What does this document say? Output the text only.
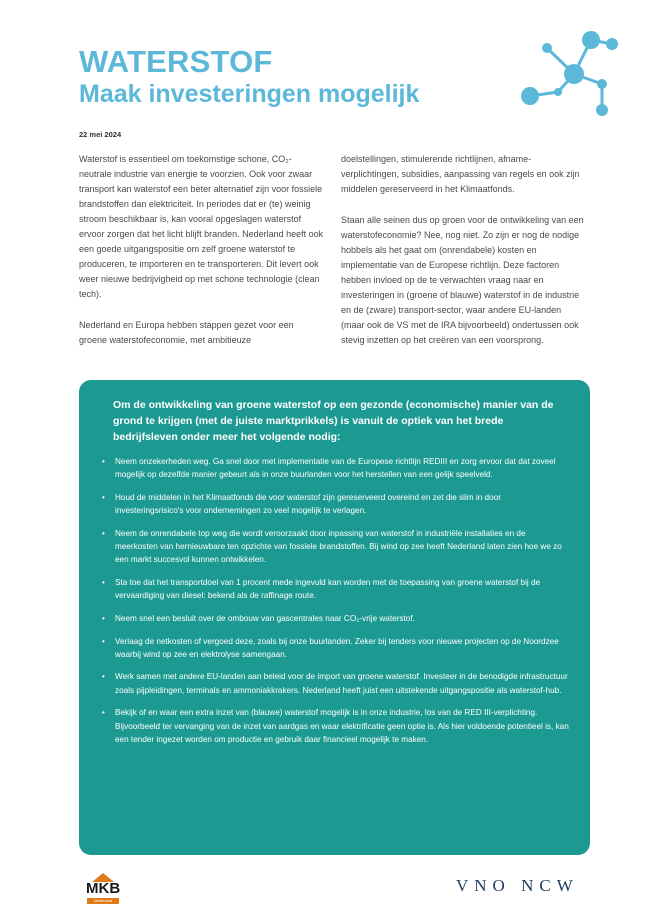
WATERSTOF
Maak investeringen mogelijk
22 mei 2024

Waterstof is essentieel om toekomstige schone, CO₂-neutrale industrie van energie te voorzien. Ook voor zwaar transport kan waterstof een beter alternatief zijn voor fossiele brandstoffen dan elektriciteit. In periodes dat er (te) weinig stroom beschikbaar is, kan vooral opgeslagen waterstof ervoor zorgen dat het licht blijft branden. Nederland heeft ook een goede uitgangspositie om zelf groene waterstof te produceren, te importeren en te transporteren. Dit levert ook weer nieuwe bedrijvigheid op met schone technologie (clean tech).

Nederland en Europa hebben stappen gezet voor een groene waterstofeconomie, met ambitieuze

doelstellingen, stimulerende richtlijnen, afname-verplichtingen, subsidies, aanpassing van regels en ook zijn middelen gereserveerd in het Klimaatfonds.

Staan alle seinen dus op groen voor de ontwikkeling van een waterstofeconomie? Nee, nog niet. Zo zijn er nog de nodige hobbels als het gaat om (onrendabele) kosten en implementatie van de Europese richtlijn. Deze factoren hebben invloed op de te verwachten vraag naar en investeringen in (groene of blauwe) waterstof in de industrie en de (zware) transport-sector, waar andere EU-landen (maar ook de VS met de IRA bijvoorbeeld) ondertussen ook stevig inzetten op het creëren van een voorsprong.

Om de ontwikkeling van groene waterstof op een gezonde (economische) manier van de grond te krijgen (met de juiste marktprikkels) is vanuit de optiek van het brede bedrijfsleven onder meer het volgende nodig:

• Neem onzekerheden weg. Ga snel door met implementatie van de Europese richtlijn REDIII en zorg ervoor dat dat zoveel mogelijk op dezelfde manier gebeurt als in onze buurlanden voor het herstellen van een gelijk speelveld.
• Houd de middelen in het Klimaatfonds die voor waterstof zijn gereserveerd overeind en zet die slim in door investeringsrisico's voor ondernemingen zo veel mogelijk te verlagen.
• Neem de onrendabele top weg die wordt veroorzaakt door inpassing van waterstof in industriële installaties en de meerkosten van hernieuwbare ten opzichte van fossiele brandstoffen. Bij wind op zee heeft Nederland laten zien hoe we zo een markt succesvol kunnen ontwikkelen.
• Sta toe dat het transportdoel van 1 procent mede ingevuld kan worden met de toepassing van groene waterstof bij de vervaardiging van diesel: bekend als de raffinage route.
• Neem snel een besluit over de ombouw van gascentrales naar CO₂-vrije waterstof.
• Verlaag de netkosten of vergoed deze, zoals bij onze buurlanden. Zeker bij tenders voor nieuwe projecten op de Noordzee waarbij wind op zee en elektrolyse samengaan.
• Werk samen met andere EU-landen aan beleid voor de import van groene waterstof. Investeer in de benodigde infrastructuur zoals pijpleidingen, terminals en ammoniakkrakers. Nederland heeft juist een uitstekende uitgangspositie als waterstof-hub.
• Bekijk of en waar een extra inzet van (blauwe) waterstof mogelijk is in onze industrie, los van de RED III-verplichting. Bijvoorbeeld ter vervanging van de inzet van aardgas en waar elektrificatie geen optie is. Als hier voldoende potentieel is, kan een tender ingezet worden om productie en gebruik daar financieel mogelijk te maken.
MKB
Nederland
VNO NCW
